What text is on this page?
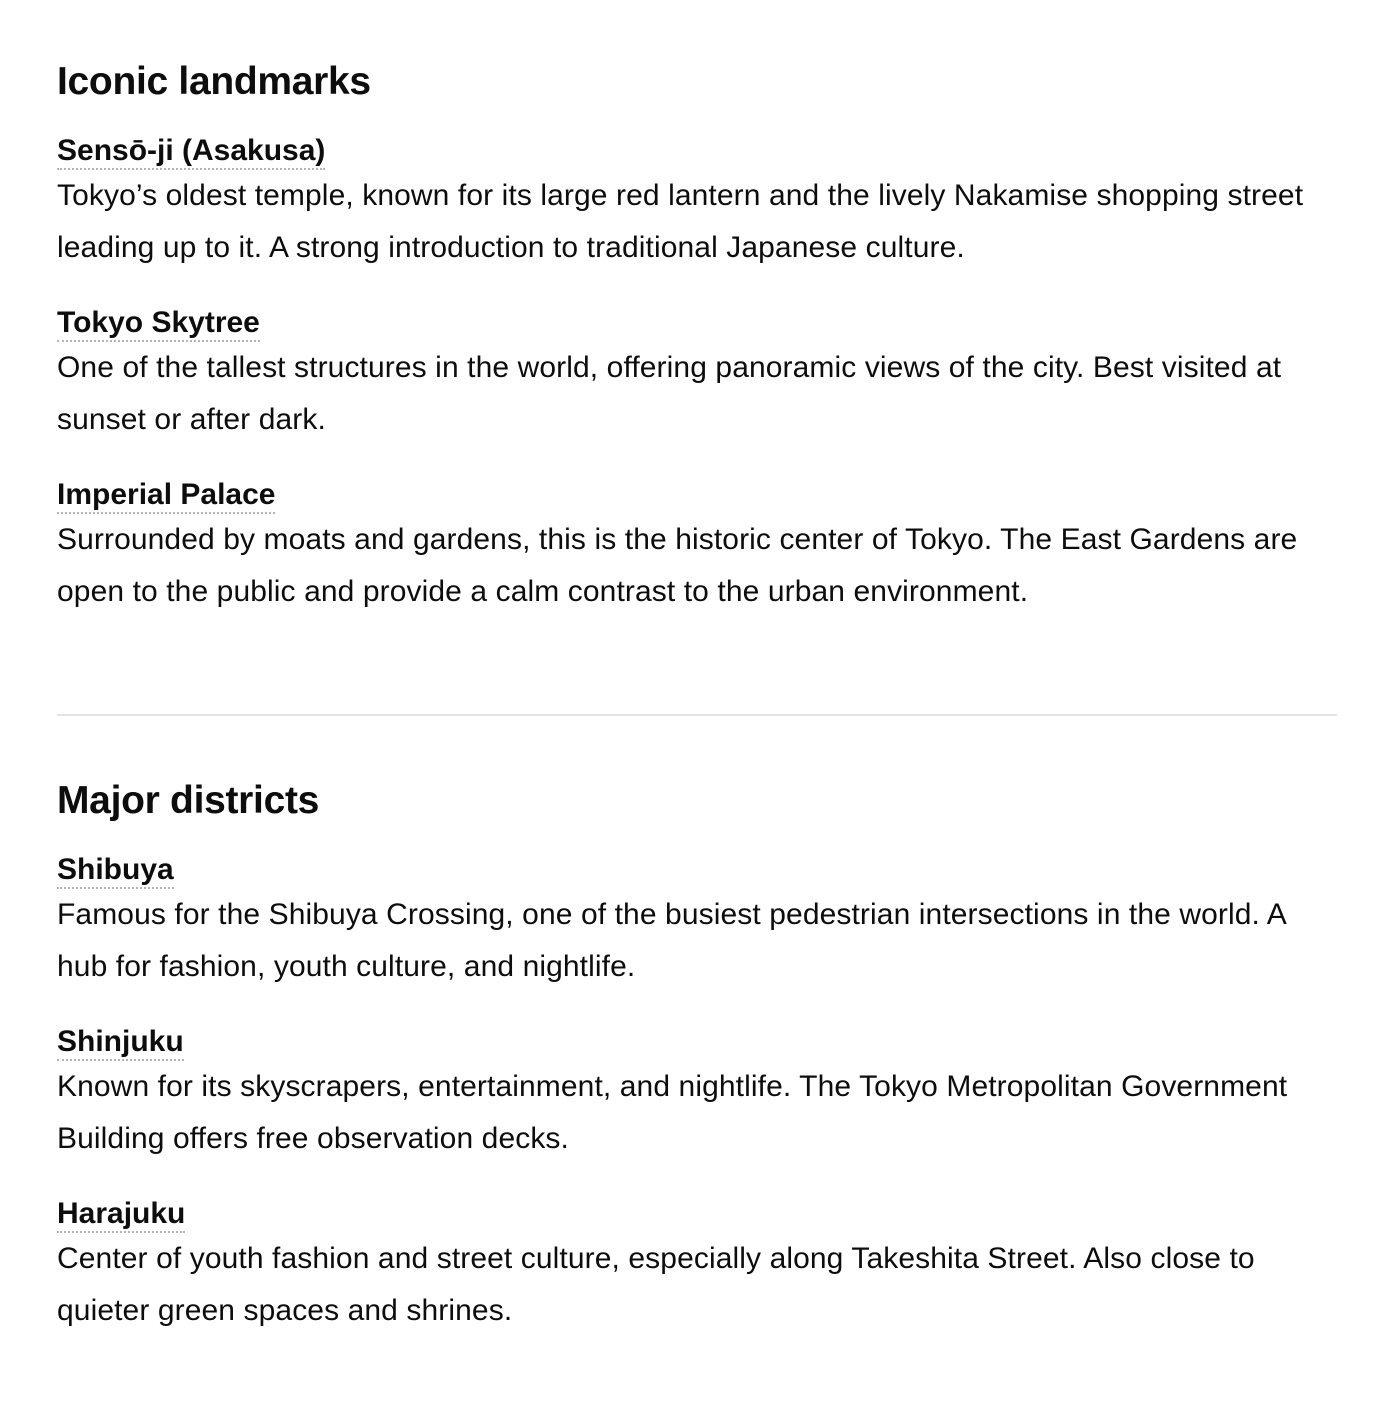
Iconic landmarks
Sensō-ji (Asakusa)

Tokyo’s oldest temple, known for its large red lantern and the lively Nakamise shopping street leading up to it. A strong introduction to traditional Japanese culture.

Tokyo Skytree

One of the tallest structures in the world, offering panoramic views of the city. Best visited at sunset or after dark.

Imperial Palace

Surrounded by moats and gardens, this is the historic center of Tokyo. The East Gardens are open to the public and provide a calm contrast to the urban environment.

Major districts
Shibuya

Famous for the Shibuya Crossing, one of the busiest pedestrian intersections in the world. A hub for fashion, youth culture, and nightlife.

Shinjuku

Known for its skyscrapers, entertainment, and nightlife. The Tokyo Metropolitan Government Building offers free observation decks.

Harajuku

Center of youth fashion and street culture, especially along Takeshita Street. Also close to quieter green spaces and shrines.
